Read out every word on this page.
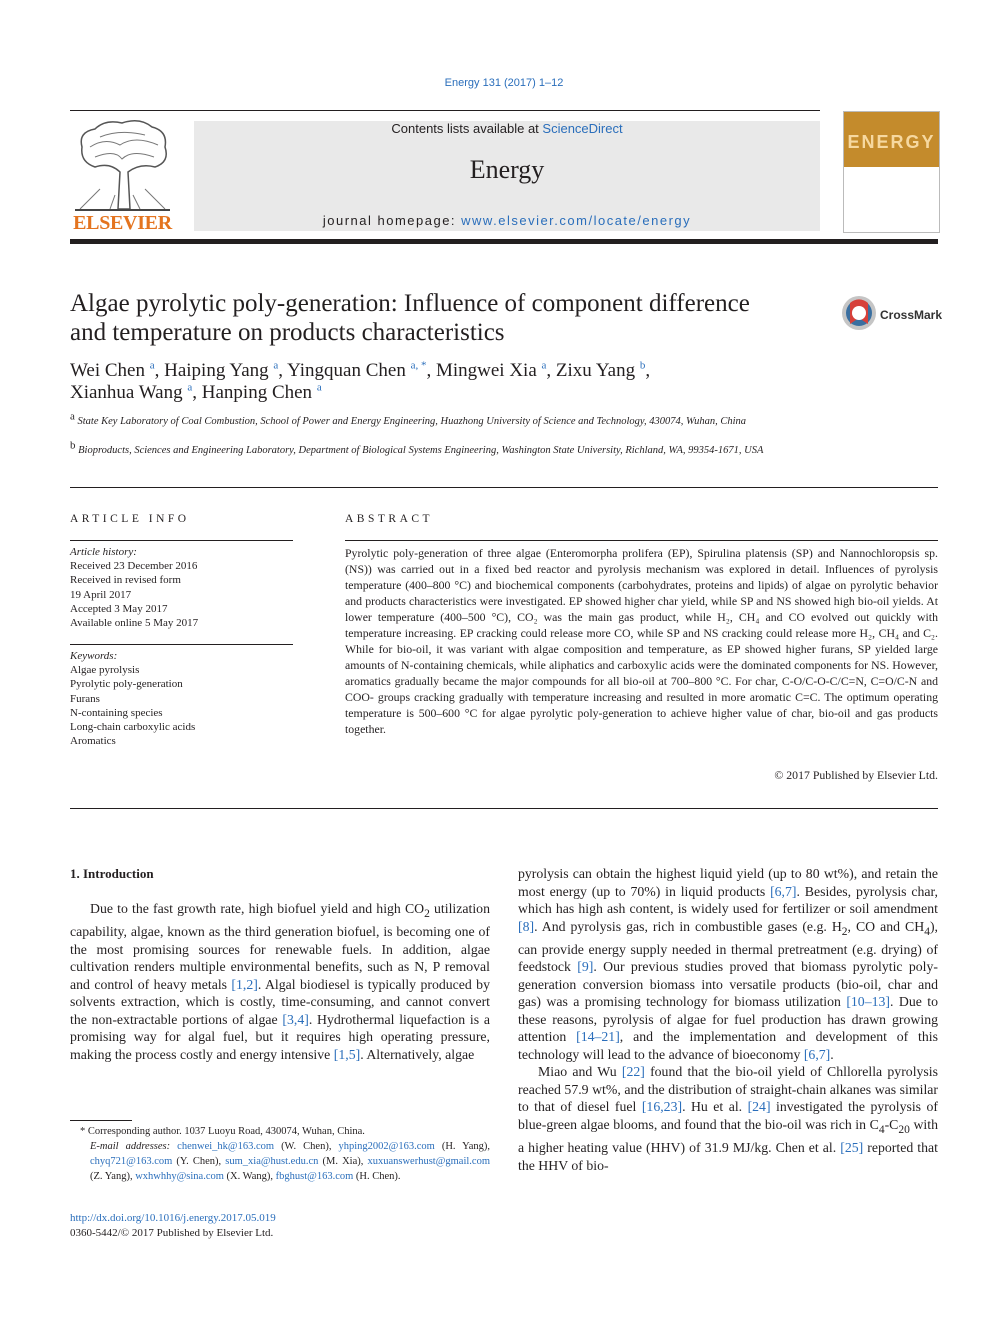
Energy 131 (2017) 1–12
ELSEVIER
Contents lists available at ScienceDirect
Energy
journal homepage: www.elsevier.com/locate/energy
ENERGY
Algae pyrolytic poly-generation: Influence of component difference
and temperature on products characteristics
CrossMark
Wei Chen $^a$, Haiping Yang $^a$, Yingquan Chen $^{a, *}$, Mingwei Xia $^a$, Zixu Yang $^b$,
Xianhua Wang $^a$, Hanping Chen $^a$
$^a$ State Key Laboratory of Coal Combustion, School of Power and Energy Engineering, Huazhong University of Science and Technology, 430074, Wuhan, China
$^b$ Bioproducts, Sciences and Engineering Laboratory, Department of Biological Systems Engineering, Washington State University, Richland, WA, 99354-1671, USA
ARTICLE INFO
Article history:
Received 23 December 2016
Received in revised form
19 April 2017
Accepted 3 May 2017
Available online 5 May 2017
Keywords:
Algae pyrolysis
Pyrolytic poly-generation
Furans
N-containing species
Long-chain carboxylic acids
Aromatics
ABSTRACT
Pyrolytic poly-generation of three algae (Enteromorpha prolifera (EP), Spirulina platensis (SP) and Nannochloropsis sp. (NS)) was carried out in a fixed bed reactor and pyrolysis mechanism was explored in detail. Influences of pyrolysis temperature (400–800 °C) and biochemical components (carbohydrates, proteins and lipids) of algae on pyrolytic behavior and products characteristics were investigated. EP showed higher char yield, while SP and NS showed high bio-oil yields. At lower temperature (400–500 °C), CO₂ was the main gas product, while H₂, CH₄ and CO evolved out quickly with temperature increasing. EP cracking could release more CO, while SP and NS cracking could release more H₂, CH₄ and C₂. While for bio-oil, it was variant with algae composition and temperature, as EP showed higher furans, SP yielded large amounts of N-containing chemicals, while aliphatics and carboxylic acids were the dominated components for NS. However, aromatics gradually became the major compounds for all bio-oil at 700–800 °C. For char, C-O/C-O-C/C=N, C=O/C-N and COO- groups cracking gradually with temperature increasing and resulted in more aromatic C=C. The optimum operating temperature is 500–600 °C for algae pyrolytic poly-generation to achieve higher value of char, bio-oil and gas products together.
© 2017 Published by Elsevier Ltd.
1. Introduction

Due to the fast growth rate, high biofuel yield and high $CO_2$ utilization capability, algae, known as the third generation biofuel, is becoming one of the most promising sources for renewable fuels. In addition, algae cultivation renders multiple environmental benefits, such as N, P removal and control of heavy metals [1,2]. Algal biodiesel is typically produced by solvents extraction, which is costly, time-consuming, and cannot convert the non-extractable portions of algae [3,4]. Hydrothermal liquefaction is a promising way for algal fuel, but it requires high operating pressure, making the process costly and energy intensive [1,5]. Alternatively, algae

pyrolysis can obtain the highest liquid yield (up to 80 wt%), and retain the most energy (up to 70%) in liquid products [6,7]. Besides, pyrolysis char, which has high ash content, is widely used for fertilizer or soil amendment [8]. And pyrolysis gas, rich in combustible gases (e.g. $H_2$, CO and $CH_4$), can provide energy supply needed in thermal pretreatment (e.g. drying) of feedstock [9]. Our previous studies proved that biomass pyrolytic poly-generation conversion biomass into versatile products (bio-oil, char and gas) was a promising technology for biomass utilization [10–13]. Due to these reasons, pyrolysis of algae for fuel production has drawn growing attention [14–21], and the implementation and development of this technology will lead to the advance of bioeconomy [6,7].

Miao and Wu [22] found that the bio-oil yield of Chllorella pyrolysis reached 57.9 wt%, and the distribution of straight-chain alkanes was similar to that of diesel fuel [16,23]. Hu et al. [24] investigated the pyrolysis of blue-green algae blooms, and found that the bio-oil was rich in $C_4-C_{20}$ with a higher heating value (HHV) of 31.9 MJ/kg. Chen et al. [25] reported that the HHV of bio-

* Corresponding author. 1037 Luoyu Road, 430074, Wuhan, China.
E-mail addresses: chenwei_hk@163.com (W. Chen), yhping2002@163.com (H. Yang), chyq721@163.com (Y. Chen), sum_xia@hust.edu.cn (M. Xia), xuxuanswerhust@gmail.com (Z. Yang), wxhwhhy@sina.com (X. Wang), fbghust@163.com (H. Chen).
http://dx.doi.org/10.1016/j.energy.2017.05.019
0360-5442/© 2017 Published by Elsevier Ltd.
